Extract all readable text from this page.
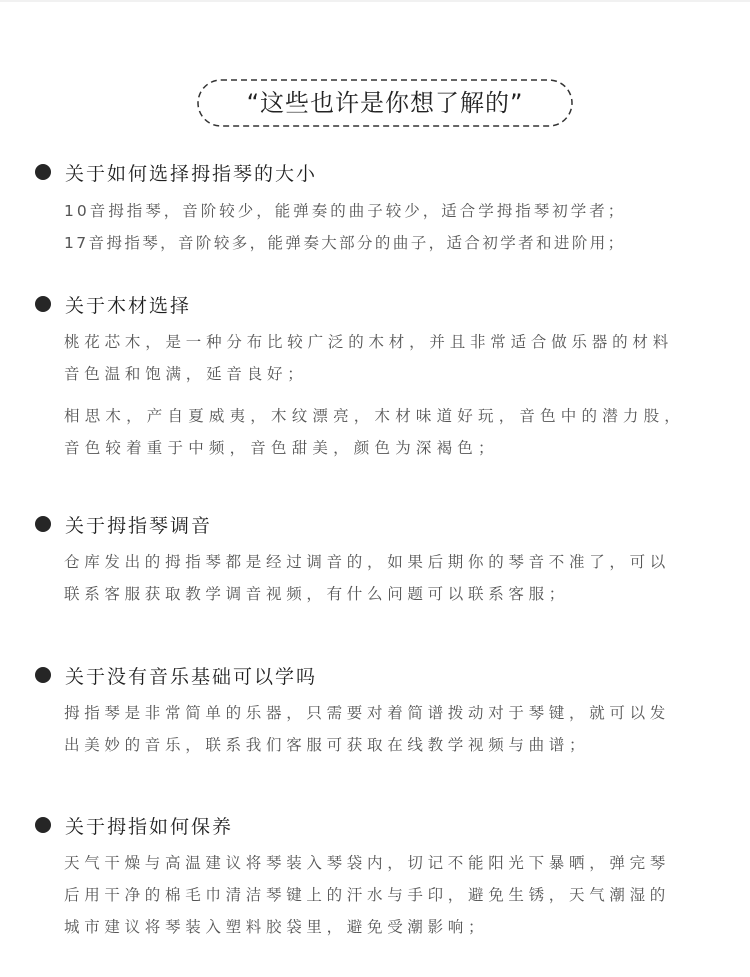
“这些也许是你想了解的”
关于如何选择拇指琴的大小
10音拇指琴，音阶较少，能弹奏的曲子较少，适合学拇指琴初学者；
17音拇指琴，音阶较多，能弹奏大部分的曲子，适合初学者和进阶用；
关于木材选择
桃花芯木，是一种分布比较广泛的木材，并且非常适合做乐器的材料
音色温和饱满，延音良好；
相思木，产自夏威夷，木纹漂亮，木材味道好玩，音色中的潜力股，
音色较着重于中频，音色甜美，颜色为深褐色；
关于拇指琴调音
仓库发出的拇指琴都是经过调音的，如果后期你的琴音不准了，可以
联系客服获取教学调音视频，有什么问题可以联系客服；
关于没有音乐基础可以学吗
拇指琴是非常简单的乐器，只需要对着简谱拨动对于琴键，就可以发
出美妙的音乐，联系我们客服可获取在线教学视频与曲谱；
关于拇指如何保养
天气干燥与高温建议将琴装入琴袋内，切记不能阳光下暴晒，弹完琴
后用干净的棉毛巾清洁琴键上的汗水与手印，避免生锈，天气潮湿的
城市建议将琴装入塑料胶袋里，避免受潮影响；
